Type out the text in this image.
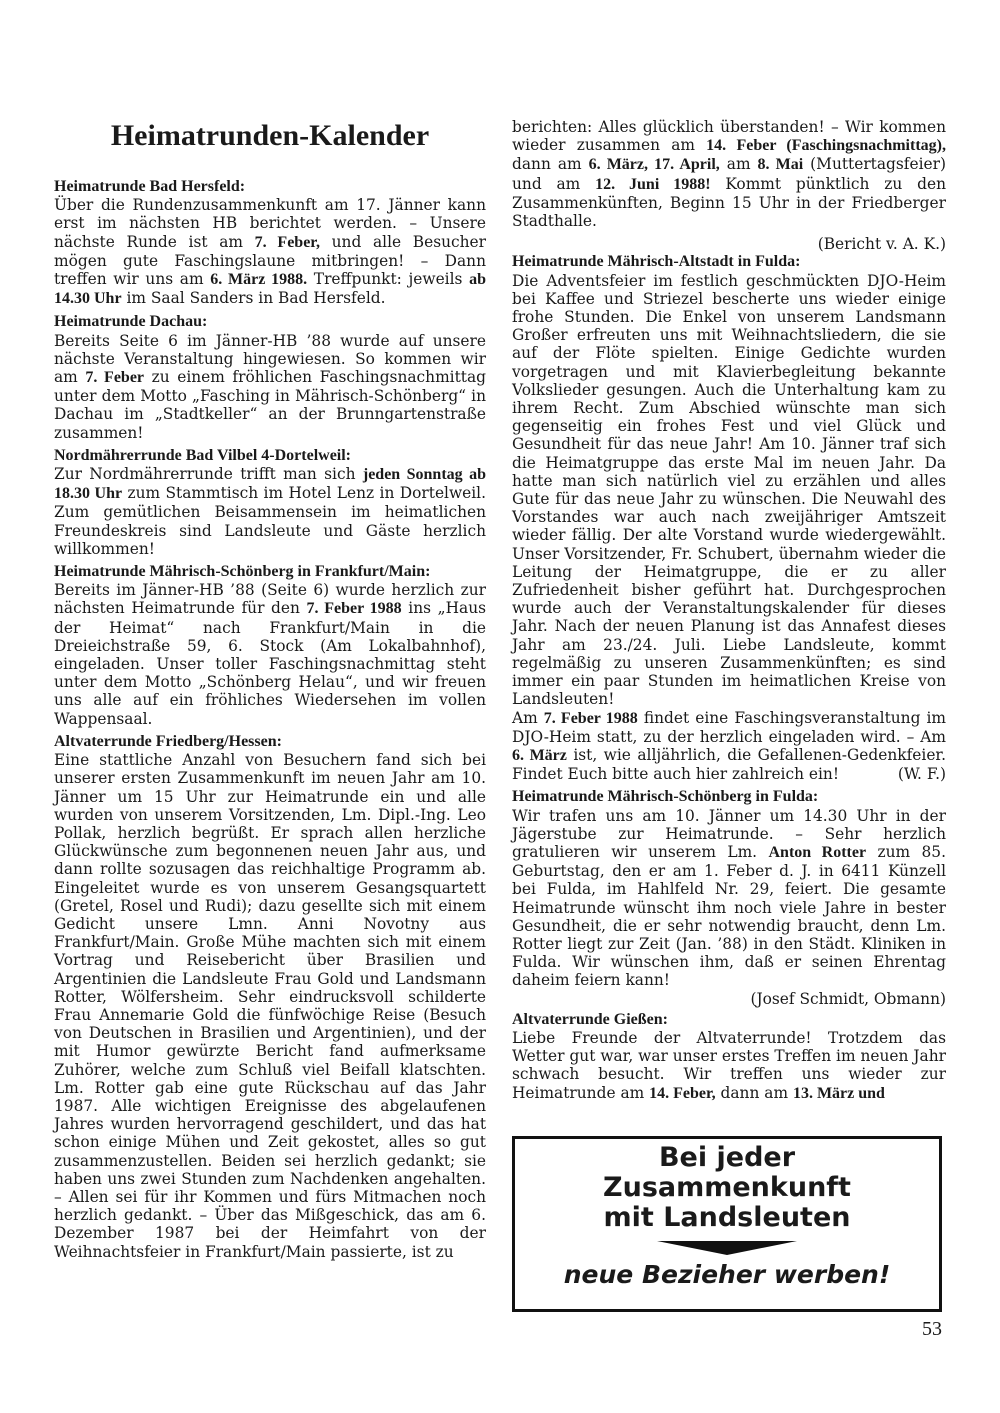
Heimatrunden-Kalender
Heimatrunde Bad Hersfeld:

Über die Rundenzusammenkunft am 17. Jänner kann erst im nächsten HB berichtet werden. – Unsere nächste Runde ist am 7. Feber, und alle Besucher mögen gute Faschingslaune mitbringen! – Dann treffen wir uns am 6. März 1988. Treffpunkt: jeweils ab 14.30 Uhr im Saal Sanders in Bad Hersfeld.

Heimatrunde Dachau:

Bereits Seite 6 im Jänner-HB ’88 wurde auf unsere nächste Veranstaltung hingewiesen. So kommen wir am 7. Feber zu einem fröhlichen Faschingsnachmittag unter dem Motto „Fasching in Mährisch-Schönberg“ in Dachau im „Stadtkeller“ an der Brunngartenstraße zusammen!

Nordmährerrunde Bad Vilbel 4-Dortelweil:

Zur Nordmährerrunde trifft man sich jeden Sonntag ab 18.30 Uhr zum Stammtisch im Hotel Lenz in Dortelweil. Zum gemütlichen Beisammensein im heimatlichen Freundeskreis sind Landsleute und Gäste herzlich willkommen!

Heimatrunde Mährisch-Schönberg in Frankfurt/Main:

Bereits im Jänner-HB ’88 (Seite 6) wurde herzlich zur nächsten Heimatrunde für den 7. Feber 1988 ins „Haus der Heimat“ nach Frankfurt/Main in die Dreieichstraße 59, 6. Stock (Am Lokalbahnhof), eingeladen. Unser toller Faschingsnachmittag steht unter dem Motto „Schönberg Helau“, und wir freuen uns alle auf ein fröhliches Wiedersehen im vollen Wappensaal.

Altvaterrunde Friedberg/Hessen:

Eine stattliche Anzahl von Besuchern fand sich bei unserer ersten Zusammenkunft im neuen Jahr am 10. Jänner um 15 Uhr zur Heimatrunde ein und alle wurden von unserem Vorsitzenden, Lm. Dipl.-Ing. Leo Pollak, herzlich begrüßt. Er sprach allen herzliche Glückwünsche zum begonnenen neuen Jahr aus, und dann rollte sozusagen das reichhaltige Programm ab. Eingeleitet wurde es von unserem Gesangsquartett (Gretel, Rosel und Rudi); dazu gesellte sich mit einem Gedicht unsere Lmn. Anni Novotny aus Frankfurt/Main. Große Mühe machten sich mit einem Vortrag und Reisebericht über Brasilien und Argentinien die Landsleute Frau Gold und Landsmann Rotter, Wölfersheim. Sehr eindrucksvoll schilderte Frau Annemarie Gold die fünfwöchige Reise (Besuch von Deutschen in Brasilien und Argentinien), und der mit Humor gewürzte Bericht fand aufmerksame Zuhörer, welche zum Schluß viel Beifall klatschten. Lm. Rotter gab eine gute Rückschau auf das Jahr 1987. Alle wichtigen Ereignisse des abgelaufenen Jahres wurden hervorragend geschildert, und das hat schon einige Mühen und Zeit gekostet, alles so gut zusammenzustellen. Beiden sei herzlich gedankt; sie haben uns zwei Stunden zum Nachdenken angehalten. – Allen sei für ihr Kommen und fürs Mitmachen noch herzlich gedankt. – Über das Mißgeschick, das am 6. Dezember 1987 bei der Heimfahrt von der Weihnachtsfeier in Frankfurt/Main passierte, ist zu

berichten: Alles glücklich überstanden! – Wir kommen wieder zusammen am 14. Feber (Faschingsnachmittag), dann am 6. März, 17. April, am 8. Mai (Muttertagsfeier) und am 12. Juni 1988! Kommt pünktlich zu den Zusammenkünften, Beginn 15 Uhr in der Friedberger Stadthalle.

(Bericht v. A. K.)
Heimatrunde Mährisch-Altstadt in Fulda:

Die Adventsfeier im festlich geschmückten DJO-Heim bei Kaffee und Striezel bescherte uns wieder einige frohe Stunden. Die Enkel von unserem Landsmann Großer erfreuten uns mit Weihnachtsliedern, die sie auf der Flöte spielten. Einige Gedichte wurden vorgetragen und mit Klavierbegleitung bekannte Volkslieder gesungen. Auch die Unterhaltung kam zu ihrem Recht. Zum Abschied wünschte man sich gegenseitig ein frohes Fest und viel Glück und Gesundheit für das neue Jahr! Am 10. Jänner traf sich die Heimatgruppe das erste Mal im neuen Jahr. Da hatte man sich natürlich viel zu erzählen und alles Gute für das neue Jahr zu wünschen. Die Neuwahl des Vorstandes war auch nach zweijähriger Amtszeit wieder fällig. Der alte Vorstand wurde wiedergewählt. Unser Vorsitzender, Fr. Schubert, übernahm wieder die Leitung der Heimatgruppe, die er zu aller Zufriedenheit bisher geführt hat. Durchgesprochen wurde auch der Veranstaltungskalender für dieses Jahr. Nach der neuen Planung ist das Annafest dieses Jahr am 23./24. Juli. Liebe Landsleute, kommt regelmäßig zu unseren Zusammenkünften; es sind immer ein paar Stunden im heimatlichen Kreise von Landsleuten!

Am 7. Feber 1988 findet eine Faschingsveranstaltung im DJO-Heim statt, zu der herzlich eingeladen wird. – Am 6. März ist, wie alljährlich, die Gefallenen-Gedenkfeier. Findet Euch bitte auch hier zahlreich ein!	(W. F.)

Heimatrunde Mährisch-Schönberg in Fulda:

Wir trafen uns am 10. Jänner um 14.30 Uhr in der Jägerstube zur Heimatrunde. – Sehr herzlich gratulieren wir unserem Lm. Anton Rotter zum 85. Geburtstag, den er am 1. Feber d. J. in 6411 Künzell bei Fulda, im Hahlfeld Nr. 29, feiert. Die gesamte Heimatrunde wünscht ihm noch viele Jahre in bester Gesundheit, die er sehr notwendig braucht, denn Lm. Rotter liegt zur Zeit (Jan. ’88) in den Städt. Kliniken in Fulda. Wir wünschen ihm, daß er seinen Ehrentag daheim feiern kann!

(Josef Schmidt, Obmann)
Altvaterrunde Gießen:

Liebe Freunde der Altvaterrunde! Trotzdem das Wetter gut war, war unser erstes Treffen im neuen Jahr schwach besucht. Wir treffen uns wieder zur Heimatrunde am 14. Feber, dann am 13. März und

Bei jeder
Zusammenkunft
mit Landsleuten
neue Bezieher werben!
53
